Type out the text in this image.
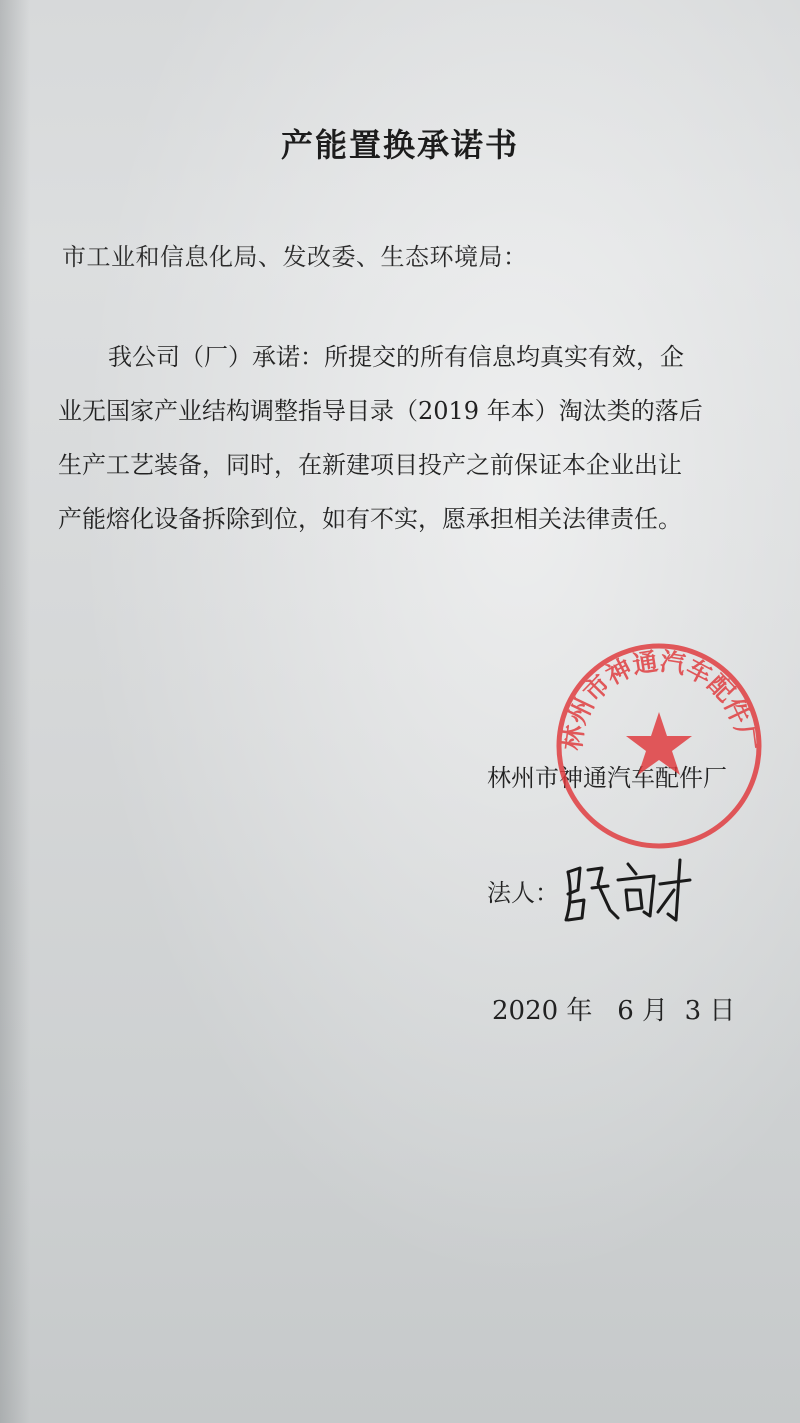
产能置换承诺书
市工业和信息化局、发改委、生态环境局：
我公司（厂）承诺：所提交的所有信息均真实有效，企
业无国家产业结构调整指导目录（2019 年本）淘汰类的落后
生产工艺装备，同时，在新建项目投产之前保证本企业出让
产能熔化设备拆除到位，如有不实，愿承担相关法律责任。
林州市神通汽车配件厂
林州市神通汽车配件厂
法人：
2020 年   6 月  3 日
